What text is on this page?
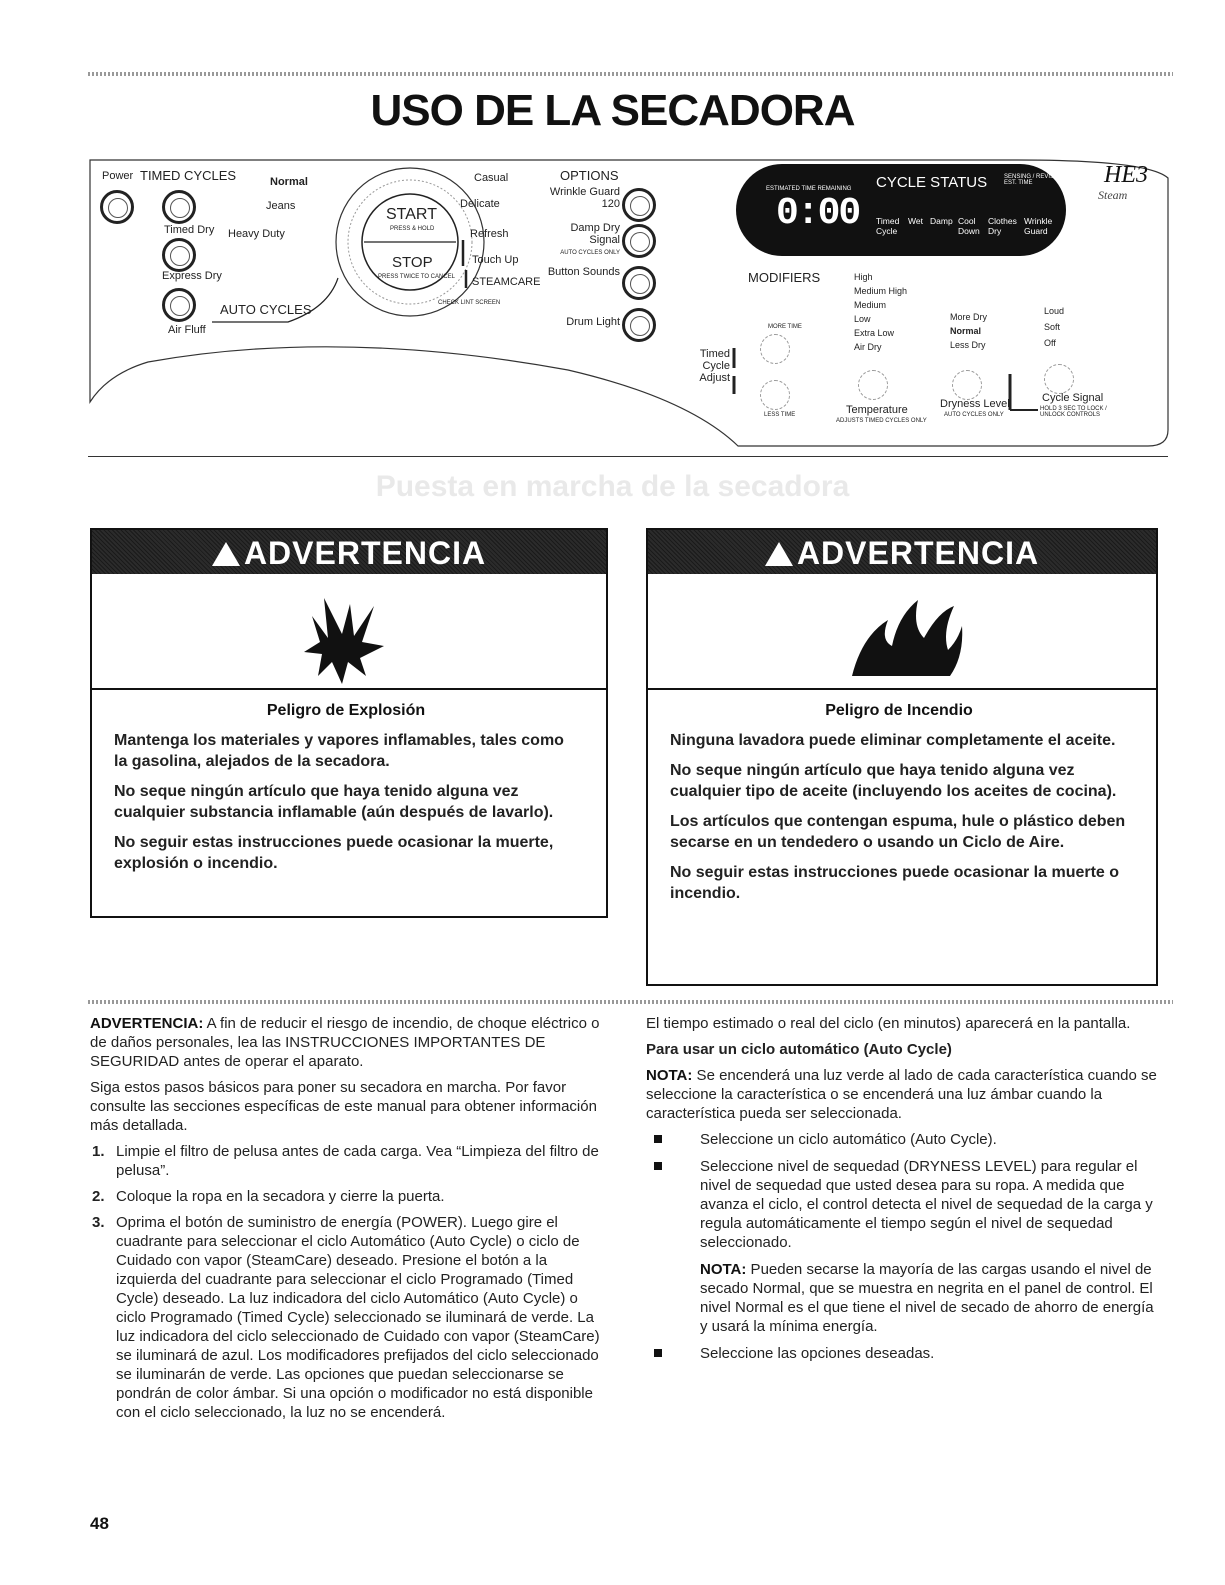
USO DE LA SECADORA
Power TIMED CYCLES
Timed Dry
Express Dry
Air Fluff
Normal
Jeans
Heavy Duty
Casual
Delicate
Refresh
Touch Up
STEAMCARE
AUTO CYCLES
START
PRESS & HOLD
STOP
PRESS TWICE TO CANCEL
CHECK LINT SCREEN
OPTIONS
Wrinkle Guard 120
Damp Dry Signal
AUTO CYCLES ONLY
Button Sounds
Drum Light
ESTIMATED TIME REMAINING
0:00
CYCLE STATUS	SENSING / REVISING EST. TIME
Timed Cycle
Wet Damp Cool Down
Clothes Dry
Wrinkle Guard
HE3
Steam
MODIFIERS	High
Medium High
Medium
Low
Extra Low
Air Dry
More Dry
Normal
Less Dry
Loud
Soft
Off
Timed Cycle Adjust
MORE TIME
LESS TIME	Temperature
ADJUSTS TIMED CYCLES ONLY
Dryness Level
AUTO CYCLES ONLY
Cycle Signal
HOLD 3 SEC TO LOCK / UNLOCK CONTROLS
Puesta en marcha de la secadora
ADVERTENCIA
Peligro de Explosión

Mantenga los materiales y vapores inflamables, tales como la gasolina, alejados de la secadora.

No seque ningún artículo que haya tenido alguna vez cualquier substancia inflamable (aún después de lavarlo).

No seguir estas instrucciones puede ocasionar la muerte, explosión o incendio.

ADVERTENCIA
Peligro de Incendio

Ninguna lavadora puede eliminar completamente el aceite.

No seque ningún artículo que haya tenido alguna vez cualquier tipo de aceite (incluyendo los aceites de cocina).

Los artículos que contengan espuma, hule o plástico deben secarse en un tendedero o usando un Ciclo de Aire.

No seguir estas instrucciones puede ocasionar la muerte o incendio.

ADVERTENCIA: A fin de reducir el riesgo de incendio, de choque eléctrico o de daños personales, lea las INSTRUCCIONES IMPORTANTES DE SEGURIDAD antes de operar el aparato.

Siga estos pasos básicos para poner su secadora en marcha. Por favor consulte las secciones específicas de este manual para obtener información más detallada.

1. Limpie el filtro de pelusa antes de cada carga. Vea “Limpieza del filtro de pelusa”.
2. Coloque la ropa en la secadora y cierre la puerta.
3. Oprima el botón de suministro de energía (POWER). Luego gire el cuadrante para seleccionar el ciclo Automático (Auto Cycle) o ciclo de Cuidado con vapor (SteamCare) deseado. Presione el botón a la izquierda del cuadrante para seleccionar el ciclo Programado (Timed Cycle) deseado. La luz indicadora del ciclo Automático (Auto Cycle) o ciclo Programado (Timed Cycle) seleccionado se iluminará de verde. La luz indicadora del ciclo seleccionado de Cuidado con vapor (SteamCare) se iluminará de azul. Los modificadores prefijados del ciclo seleccionado se iluminarán de verde. Las opciones que puedan seleccionarse se pondrán de color ámbar. Si una opción o modificador no está disponible con el ciclo seleccionado, la luz no se encenderá.

El tiempo estimado o real del ciclo (en minutos) aparecerá en la pantalla.

Para usar un ciclo automático (Auto Cycle)

NOTA: Se encenderá una luz verde al lado de cada característica cuando se seleccione la característica o se encenderá una luz ámbar cuando la característica pueda ser seleccionada.

Seleccione un ciclo automático (Auto Cycle).
Seleccione nivel de sequedad (DRYNESS LEVEL) para regular el nivel de sequedad que usted desea para su ropa. A medida que avanza el ciclo, el control detecta el nivel de sequedad de la carga y regula automáticamente el tiempo según el nivel de sequedad seleccionado.
NOTA: Pueden secarse la mayoría de las cargas usando el nivel de secado Normal, que se muestra en negrita en el panel de control. El nivel Normal es el que tiene el nivel de secado de ahorro de energía y usará la mínima energía.
Seleccione las opciones deseadas.
48
